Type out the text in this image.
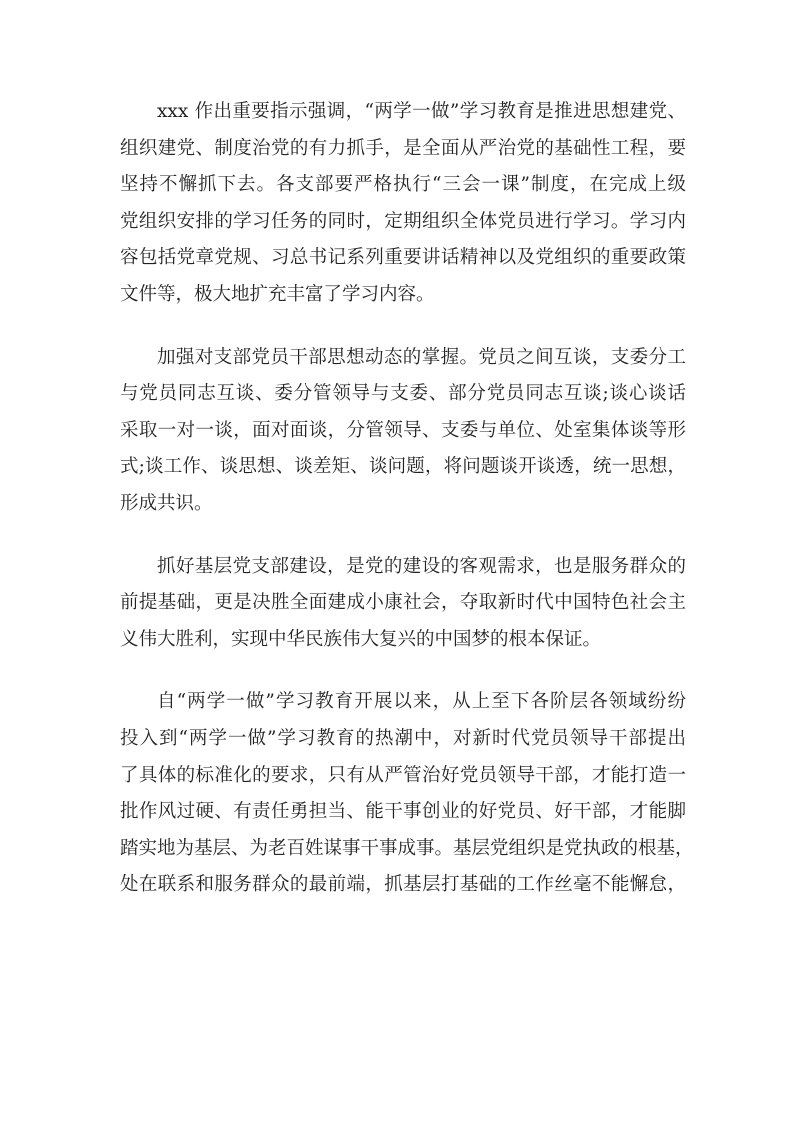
xxx 作出重要指示强调，“两学一做”学习教育是推进思想建党、
组织建党、制度治党的有力抓手，是全面从严治党的基础性工程，要
坚持不懈抓下去。各支部要严格执行“三会一课”制度，在完成上级
党组织安排的学习任务的同时，定期组织全体党员进行学习。学习内
容包括党章党规、习总书记系列重要讲话精神以及党组织的重要政策
文件等，极大地扩充丰富了学习内容。

加强对支部党员干部思想动态的掌握。党员之间互谈，支委分工
与党员同志互谈、委分管领导与支委、部分党员同志互谈;谈心谈话
采取一对一谈，面对面谈，分管领导、支委与单位、处室集体谈等形
式;谈工作、谈思想、谈差矩、谈问题，将问题谈开谈透，统一思想，
形成共识。

抓好基层党支部建设，是党的建设的客观需求，也是服务群众的
前提基础，更是决胜全面建成小康社会，夺取新时代中国特色社会主
义伟大胜利，实现中华民族伟大复兴的中国梦的根本保证。

自“两学一做”学习教育开展以来，从上至下各阶层各领域纷纷
投入到“两学一做”学习教育的热潮中，对新时代党员领导干部提出
了具体的标准化的要求，只有从严管治好党员领导干部，才能打造一
批作风过硬、有责任勇担当、能干事创业的好党员、好干部，才能脚
踏实地为基层、为老百姓谋事干事成事。基层党组织是党执政的根基，
处在联系和服务群众的最前端，抓基层打基础的工作丝毫不能懈怠，
